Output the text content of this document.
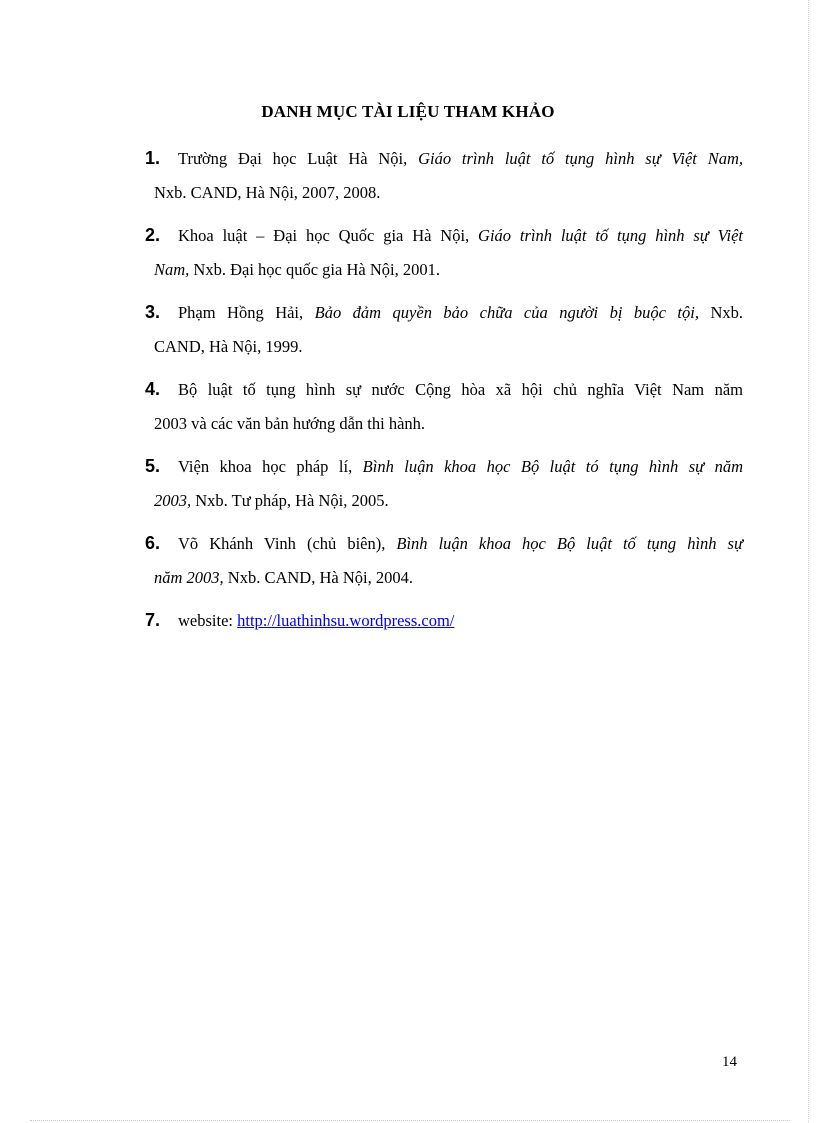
DANH MỤC TÀI LIỆU THAM KHẢO
1. Trường Đại học Luật Hà Nội, Giáo trình luật tố tụng hình sự Việt Nam,
Nxb. CAND, Hà Nội, 2007, 2008.
2. Khoa luật – Đại học Quốc gia Hà Nội, Giáo trình luật tố tụng hình sự Việt
Nam, Nxb. Đại học quốc gia Hà Nội, 2001.
3. Phạm Hồng Hải, Bảo đảm quyền bảo chữa của người bị buộc tội, Nxb.
CAND, Hà Nội, 1999.
4. Bộ luật tố tụng hình sự nước Cộng hòa xã hội chủ nghĩa Việt Nam năm
2003 và các văn bản hướng dẫn thi hành.
5. Viện khoa học pháp lí, Bình luận khoa học Bộ luật tó tụng hình sự năm
2003, Nxb. Tư pháp, Hà Nội, 2005.
6. Võ Khánh Vinh (chủ biên), Bình luận khoa học Bộ luật tố tụng hình sự
năm 2003, Nxb. CAND, Hà Nội, 2004.
7. website: http://luathinhsu.wordpress.com/
14
